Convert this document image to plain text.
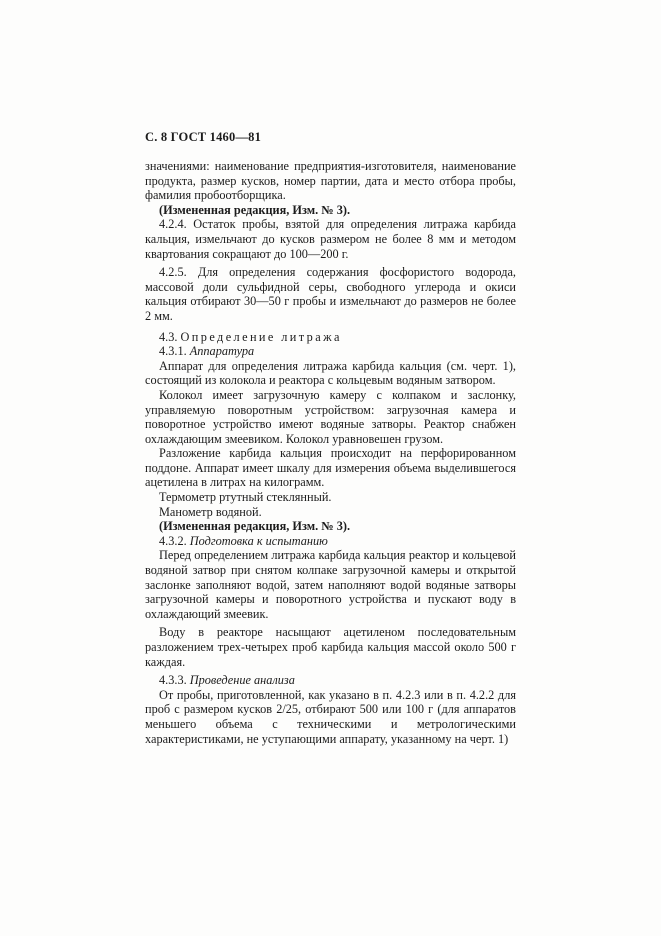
С. 8 ГОСТ 1460—81

значениями: наименование предприятия-изготовителя, наименование продукта, размер кусков, номер партии, дата и место отбора пробы, фамилия пробоотборщика.

(Измененная редакция, Изм. № 3).

4.2.4. Остаток пробы, взятой для определения литража карбида кальция, измельчают до кусков размером не более 8 мм и методом квартования сокращают до 100—200 г.

4.2.5. Для определения содержания фосфористого водорода, массовой доли сульфидной серы, свободного углерода и окиси кальция отбирают 30—50 г пробы и измельчают до размеров не более 2 мм.

4.3. Определение литража

4.3.1. Аппаратура

Аппарат для определения литража карбида кальция (см. черт. 1), состоящий из колокола и реактора с кольцевым водяным затвором.

Колокол имеет загрузочную камеру с колпаком и заслонку, управляемую поворотным устройством: загрузочная камера и поворотное устройство имеют водяные затворы. Реактор снабжен охлаждающим змеевиком. Колокол уравновешен грузом.

Разложение карбида кальция происходит на перфорированном поддоне. Аппарат имеет шкалу для измерения объема выделившегося ацетилена в литрах на килограмм.

Термометр ртутный стеклянный.

Манометр водяной.

(Измененная редакция, Изм. № 3).

4.3.2. Подготовка к испытанию

Перед определением литража карбида кальция реактор и кольцевой водяной затвор при снятом колпаке загрузочной камеры и открытой заслонке заполняют водой, затем наполняют водой водяные затворы загрузочной камеры и поворотного устройства и пускают воду в охлаждающий змеевик.

Воду в реакторе насыщают ацетиленом последовательным разложением трех-четырех проб карбида кальция массой около 500 г каждая.

4.3.3. Проведение анализа

От пробы, приготовленной, как указано в п. 4.2.3 или в п. 4.2.2 для проб с размером кусков 2/25, отбирают 500 или 100 г (для аппаратов меньшего объема с техническими и метрологическими характеристиками, не уступающими аппарату, указанному на черт. 1)
